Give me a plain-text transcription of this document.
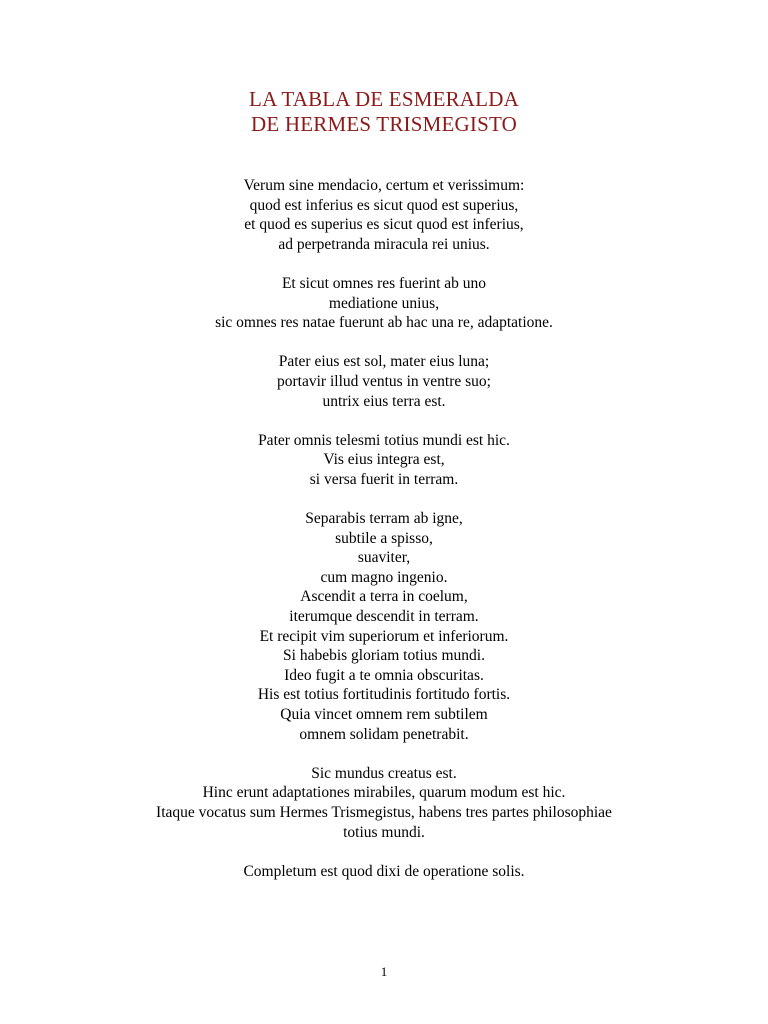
LA TABLA DE ESMERALDA
DE HERMES TRISMEGISTO
Verum sine mendacio, certum et verissimum:
quod est inferius es sicut quod est superius,
et quod es superius es sicut quod est inferius,
ad perpetranda miracula rei unius.
Et sicut omnes res fuerint ab uno
mediatione unius,
sic omnes res natae fuerunt ab hac una re, adaptatione.
Pater eius est sol, mater eius luna;
portavir illud ventus in ventre suo;
untrix eius terra est.
Pater omnis telesmi totius mundi est hic.
Vis eius integra est,
si versa fuerit in terram.
Separabis terram ab igne,
subtile a spisso,
suaviter,
cum magno ingenio.
Ascendit a terra in coelum,
iterumque descendit in terram.
Et recipit vim superiorum et inferiorum.
Si habebis gloriam totius mundi.
Ideo fugit a te omnia obscuritas.
His est totius fortitudinis fortitudo fortis.
Quia vincet omnem rem subtilem
omnem solidam penetrabit.
Sic mundus creatus est.
Hinc erunt adaptationes mirabiles, quarum modum est hic.
Itaque vocatus sum Hermes Trismegistus, habens tres partes philosophiae
totius mundi.
Completum est quod dixi de operatione solis.
1
